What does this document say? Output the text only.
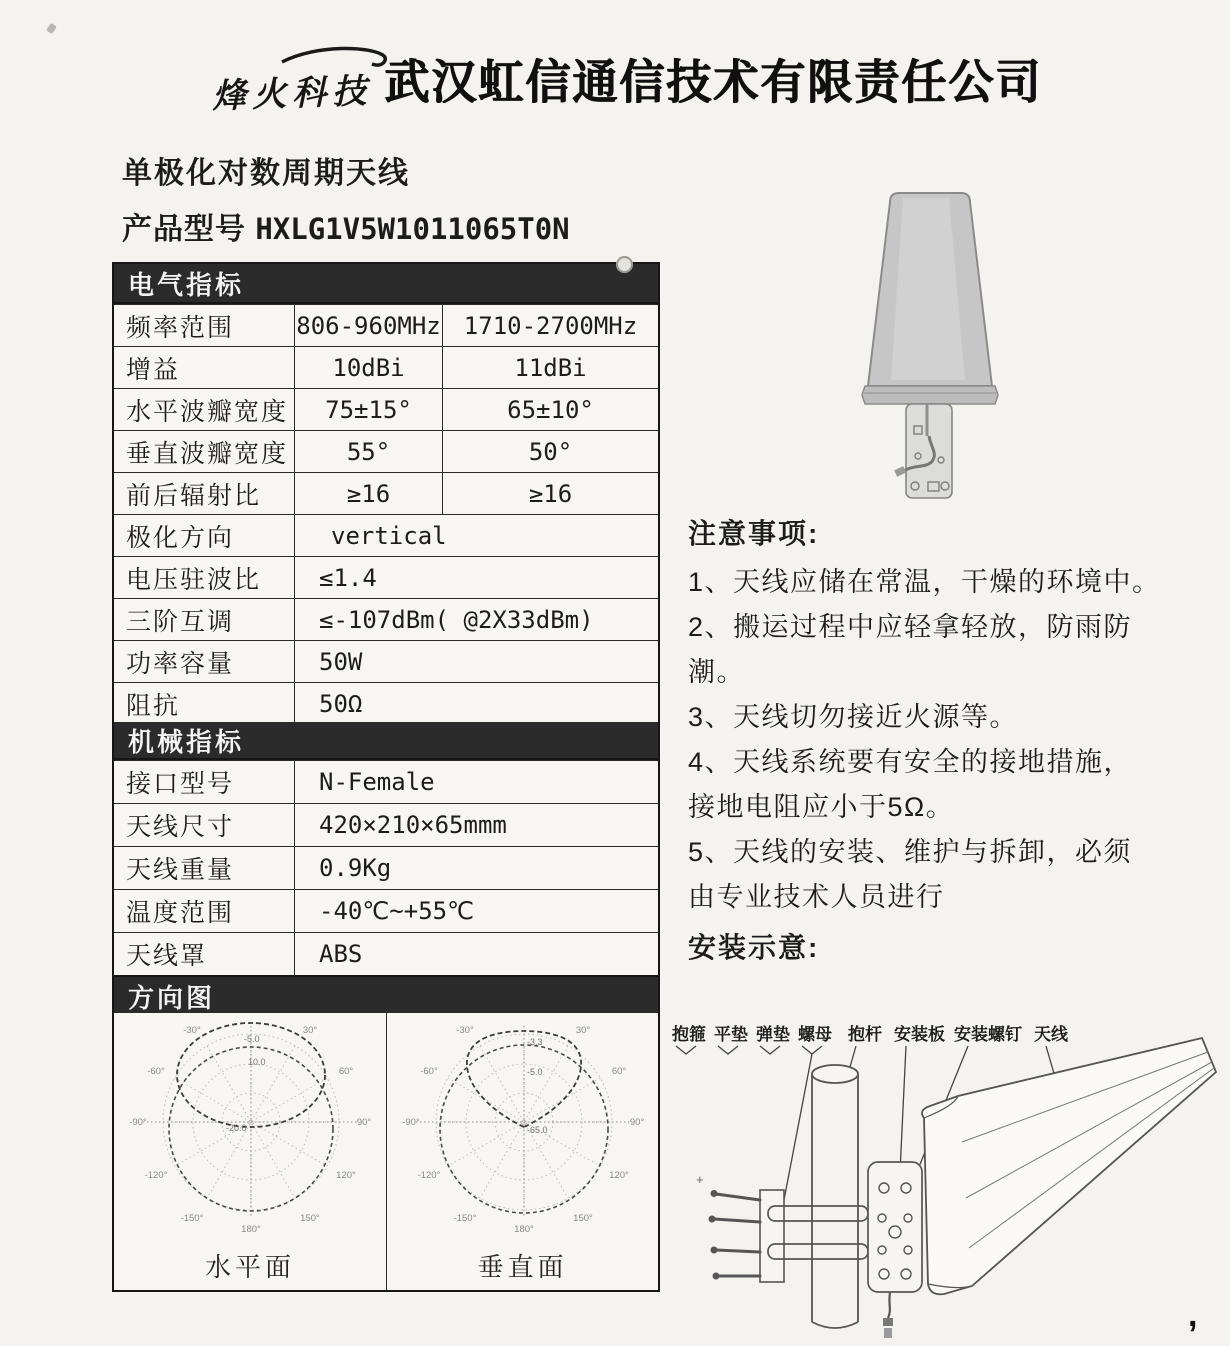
,
烽火科技 武汉虹信通信技术有限责任公司
单极化对数周期天线
产品型号 HXLG1V5W1011065T0N
电气指标
频率范围	806-960MHz 1710-2700MHz
增益	10dBi	11dBi
水平波瓣宽度	75±15°	65±10°
垂直波瓣宽度	55°	50°
前后辐射比	≥16	≥16
极化方向	vertical
电压驻波比	≤1.4
三阶互调	≤-107dBm( @2X33dBm)
功率容量	50W
阻抗	50Ω
机械指标
接口型号	N-Female
天线尺寸	420×210×65mmm
天线重量	0.9Kg
温度范围	-40℃~+55℃
天线罩	ABS
方向图
-30°	30°
-60°	60°
-90°	90°
-120°	120°
-150°	150°
180°
-5.0
10.0
-20.0
水平面
-30°	30°
-60°	60°
-90°	90°
-120°	120°
-150°	150°
180°
-3.3
-5.0
-65.0
垂直面
注意事项:
1、天线应储在常温，干燥的环境中。
2、搬运过程中应轻拿轻放，防雨防
潮。
3、天线切勿接近火源等。
4、天线系统要有安全的接地措施，
接地电阻应小于5Ω。
5、天线的安装、维护与拆卸，必须
由专业技术人员进行
安装示意:
抱箍 平垫 弹垫 螺母 抱杆 安装板 安装螺钉 天线
+
